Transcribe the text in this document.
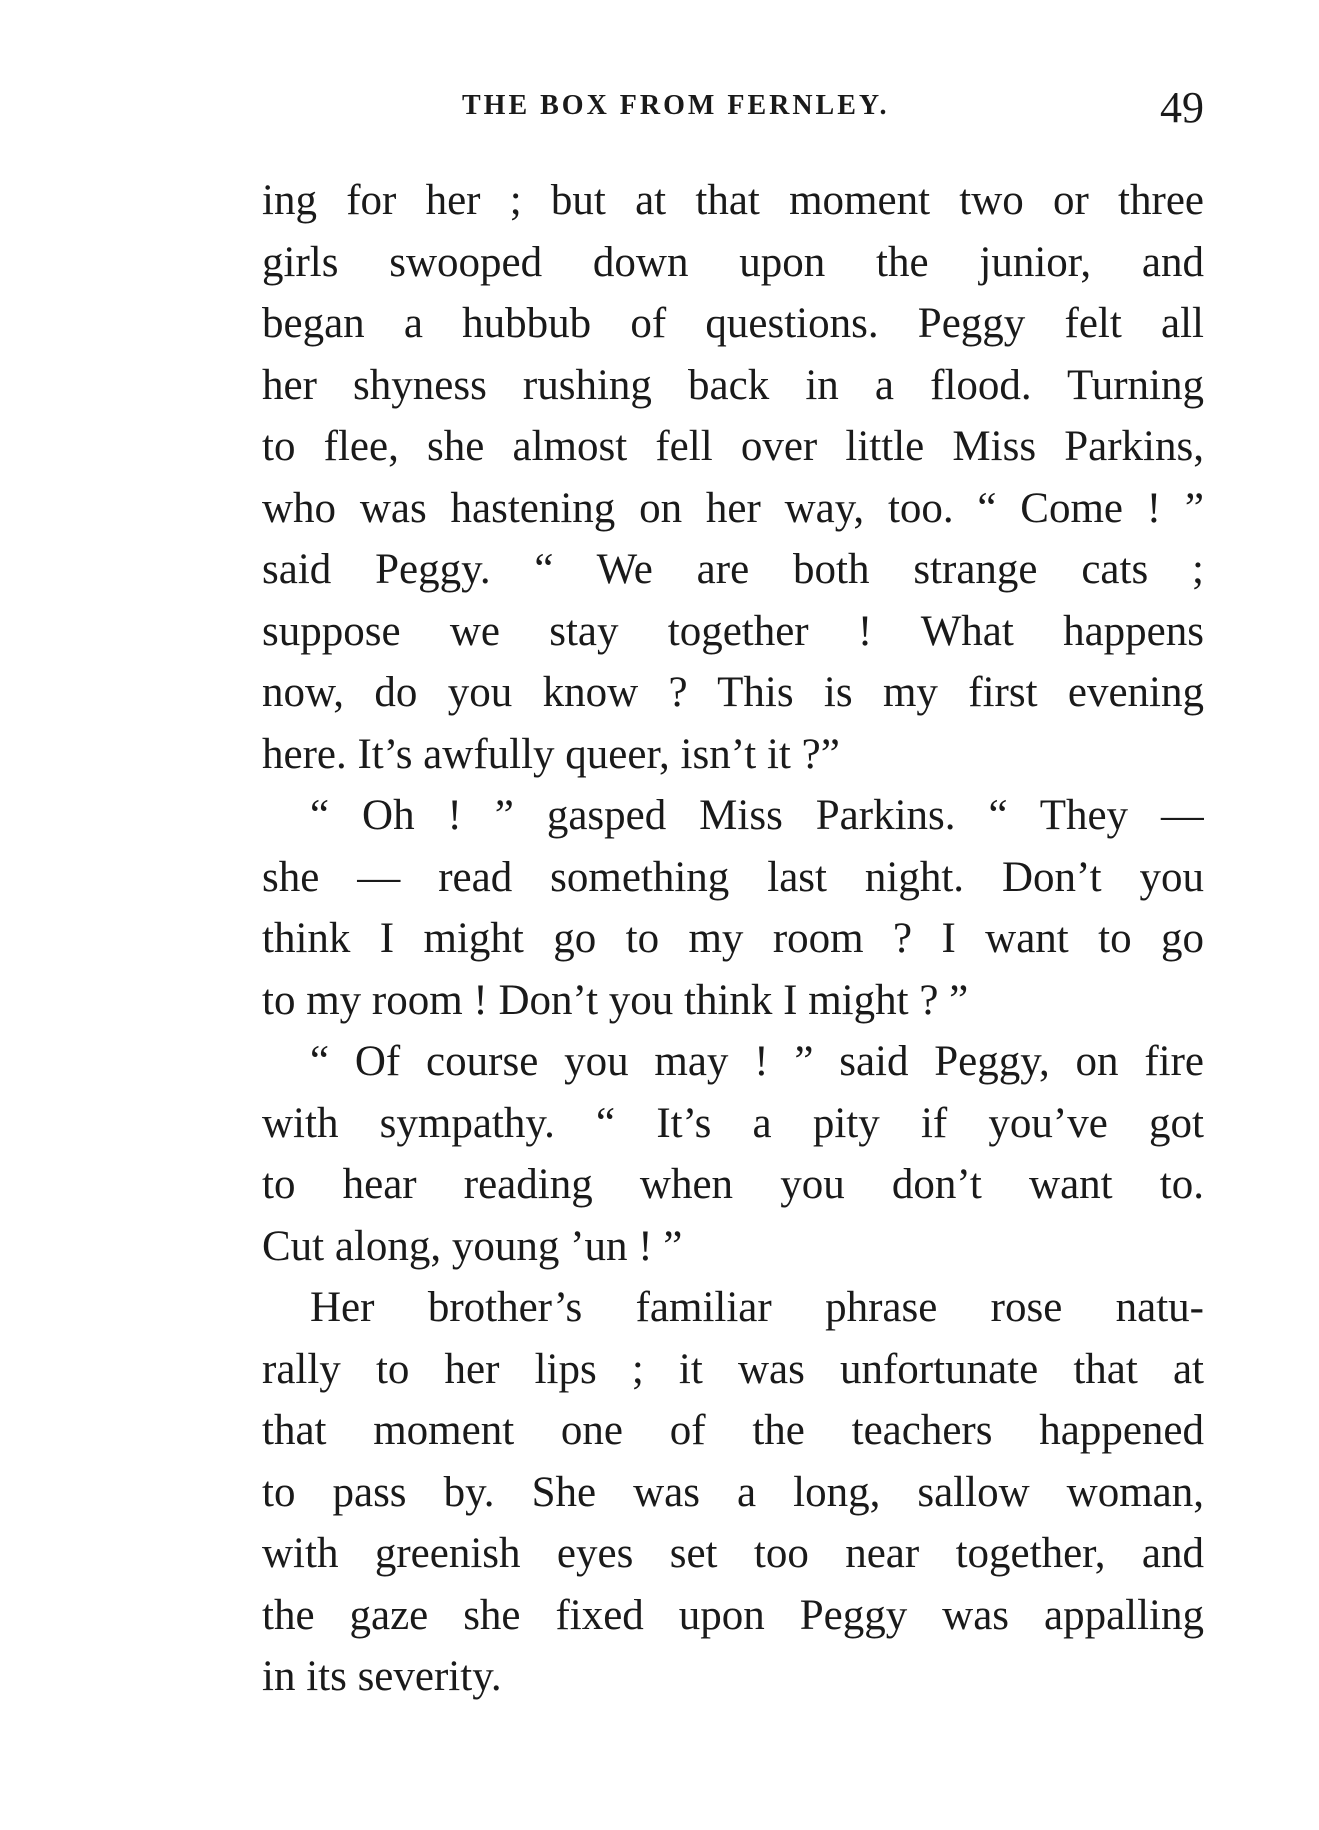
THE BOX FROM FERNLEY.	49
ing for her ; but at that moment two or three
girls swooped down upon the junior, and
began a hubbub of questions. Peggy felt all
her shyness rushing back in a flood. Turning
to flee, she almost fell over little Miss Parkins,
who was hastening on her way, too. “ Come ! ”
said Peggy. “ We are both strange cats ;
suppose we stay together ! What happens
now, do you know ? This is my first evening
here. It’s awfully queer, isn’t it ?”
“ Oh ! ” gasped Miss Parkins. “ They —
she — read something last night. Don’t you
think I might go to my room ? I want to go
to my room ! Don’t you think I might ? ”
“ Of course you may ! ” said Peggy, on fire
with sympathy. “ It’s a pity if you’ve got
to hear reading when you don’t want to.
Cut along, young ’un ! ”
Her brother’s familiar phrase rose natu-
rally to her lips ; it was unfortunate that at
that moment one of the teachers happened
to pass by. She was a long, sallow woman,
with greenish eyes set too near together, and
the gaze she fixed upon Peggy was appalling
in its severity.
